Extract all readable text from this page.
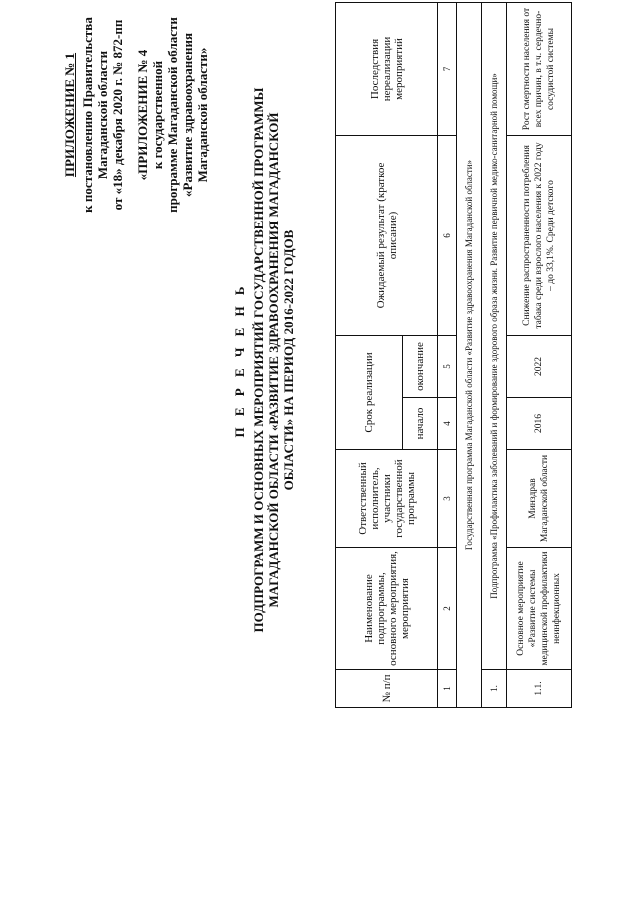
ПРИЛОЖЕНИЕ № 1 к постановлению Правительства Магаданской области от «18» декабря 2020 г. № 872-пп «ПРИЛОЖЕНИЕ № 4 к государственной программе Магаданской области «Развитие здравоохранения Магаданской области»
П Е Р Е Ч Е Н Ь ПОДПРОГРАММ И ОСНОВНЫХ МЕРОПРИЯТИЙ ГОСУДАРСТВЕННОЙ ПРОГРАММЫ МАГАДАНСКОЙ ОБЛАСТИ «РАЗВИТИЕ ЗДРАВООХРАНЕНИЯ МАГАДАНСКОЙ ОБЛАСТИ» НА ПЕРИОД 2016-2022 ГОДОВ
№ п/п	Наименование подпрограммы, основного мероприятия, мероприятия	Ответственный исполнитель, участники государственной программы	Срок реализации		Ожидаемый результат (краткое описание)	Последствия нереализации мероприятий
			начало	окончание		
1	2	3	4	5	6	7
Государственная программа Магаданской области «Развитие здравоохранения Магаданской области»						
1.	Подпрограмма «Профилактика заболеваний и формирование здорового образа жизни. Развитие первичной медико-санитарной помощи»					
1.1.	Основное мероприятие «Развитие системы медицинской профилактики неинфекционных	Минздрав Магаданской области	2016	2022	Снижение распространенности потребления табака среди взрослого населения к 2022 году – до 33,1%. Среди детского	Рост смертности населения от всех причин, в т.ч. сердечно-сосудистой системы
